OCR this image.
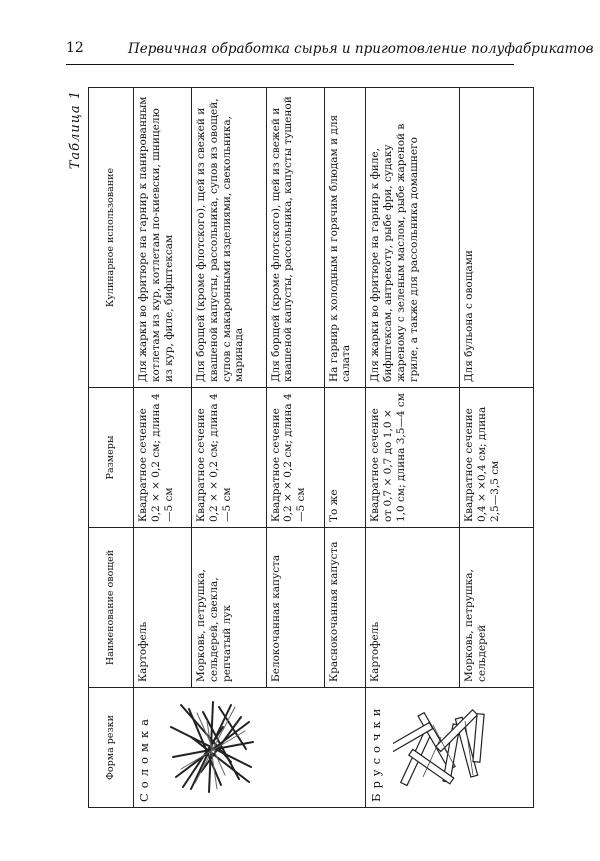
12	Первичная обработка сырья и приготовление полуфабрикатов
Таблица 1
Форма резки	Наименование овощей	Размеры	Кулинарное использование

Соломка	Картофель	Квадратное сечение 0,2 × × 0,2 см; длина 4—5 см	Для жарки во фритюре на гарнир к панированным котлетам из кур, котлетам по-киевски, шницелю из кур, филе, бифштексам
	Морковь, петрушка, сельдерей, свекла, репчатый лук	Квадратное сечение 0,2 × × 0,2 см; длина 4—5 см	Для борщей (кроме флотского), щей из свежей и квашеной капусты, рассольника, супов из овощей, супов с макаронными изделиями, свекольника, маринада
	Белокочанная капуста	Квадратное сечение 0,2 × × 0,2 см; длина 4—5 см	Для борщей (кроме флотского), щей из свежей и квашеной капусты, рассольника, капусты тушеной
	Краснокочанная капуста	То же	На гарнир к холодным и горячим блюдам и для салата

Брусочки	Картофель	Квадратное сечение от 0,7 × 0,7 до 1,0 × 1,0 см; длина 3,5—4 см	Для жарки во фритюре на гарнир к филе, бифштексам, антрекоту, рыбе фри, судаку жареному с зеленым маслом, рыбе жареной в гриле, а также для рассольника домашнего
	Морковь, петрушка, сельдерей	Квадратное сечение 0,4 × ×0,4 см; длина 2,5—3,5 см	Для бульона с овощами
